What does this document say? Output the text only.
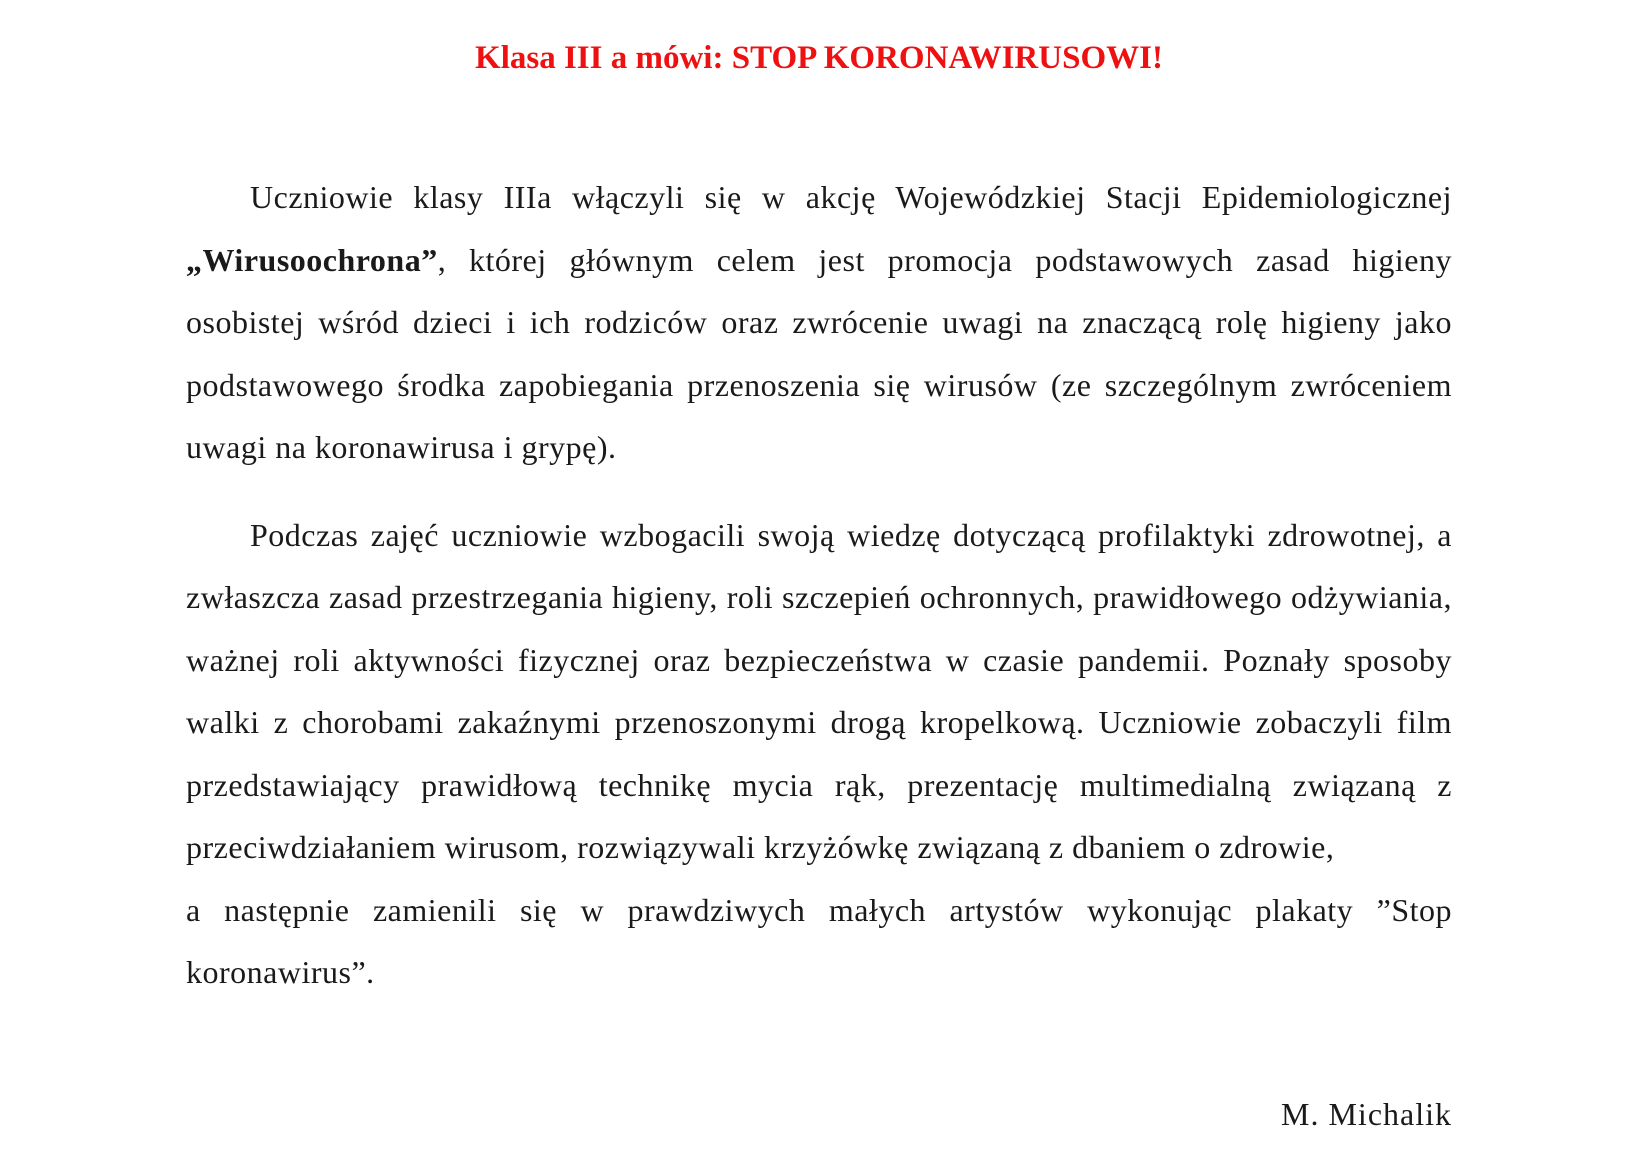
Klasa III a mówi: STOP KORONAWIRUSOWI!

Uczniowie klasy IIIa włączyli się w akcję Wojewódzkiej Stacji Epidemiologicznej „Wirusoochrona”, której głównym celem jest promocja podstawowych zasad higieny osobistej wśród dzieci i ich rodziców oraz zwrócenie uwagi na znaczącą rolę higieny jako podstawowego środka zapobiegania przenoszenia się wirusów (ze szczególnym zwróceniem uwagi na koronawirusa i grypę).

Podczas zajęć uczniowie wzbogacili swoją wiedzę dotyczącą profilaktyki zdrowotnej, a zwłaszcza zasad przestrzegania higieny, roli szczepień ochronnych, prawidłowego odżywiania, ważnej roli aktywności fizycznej oraz bezpieczeństwa w czasie pandemii. Poznały sposoby walki z chorobami zakaźnymi przenoszonymi drogą kropelkową. Uczniowie zobaczyli film przedstawiający prawidłową technikę mycia rąk, prezentację multimedialną związaną z przeciwdziałaniem wirusom, rozwiązywali krzyżówkę związaną z dbaniem o zdrowie,
a następnie zamienili się w prawdziwych małych artystów wykonując plakaty ”Stop koronawirus”.

M. Michalik
